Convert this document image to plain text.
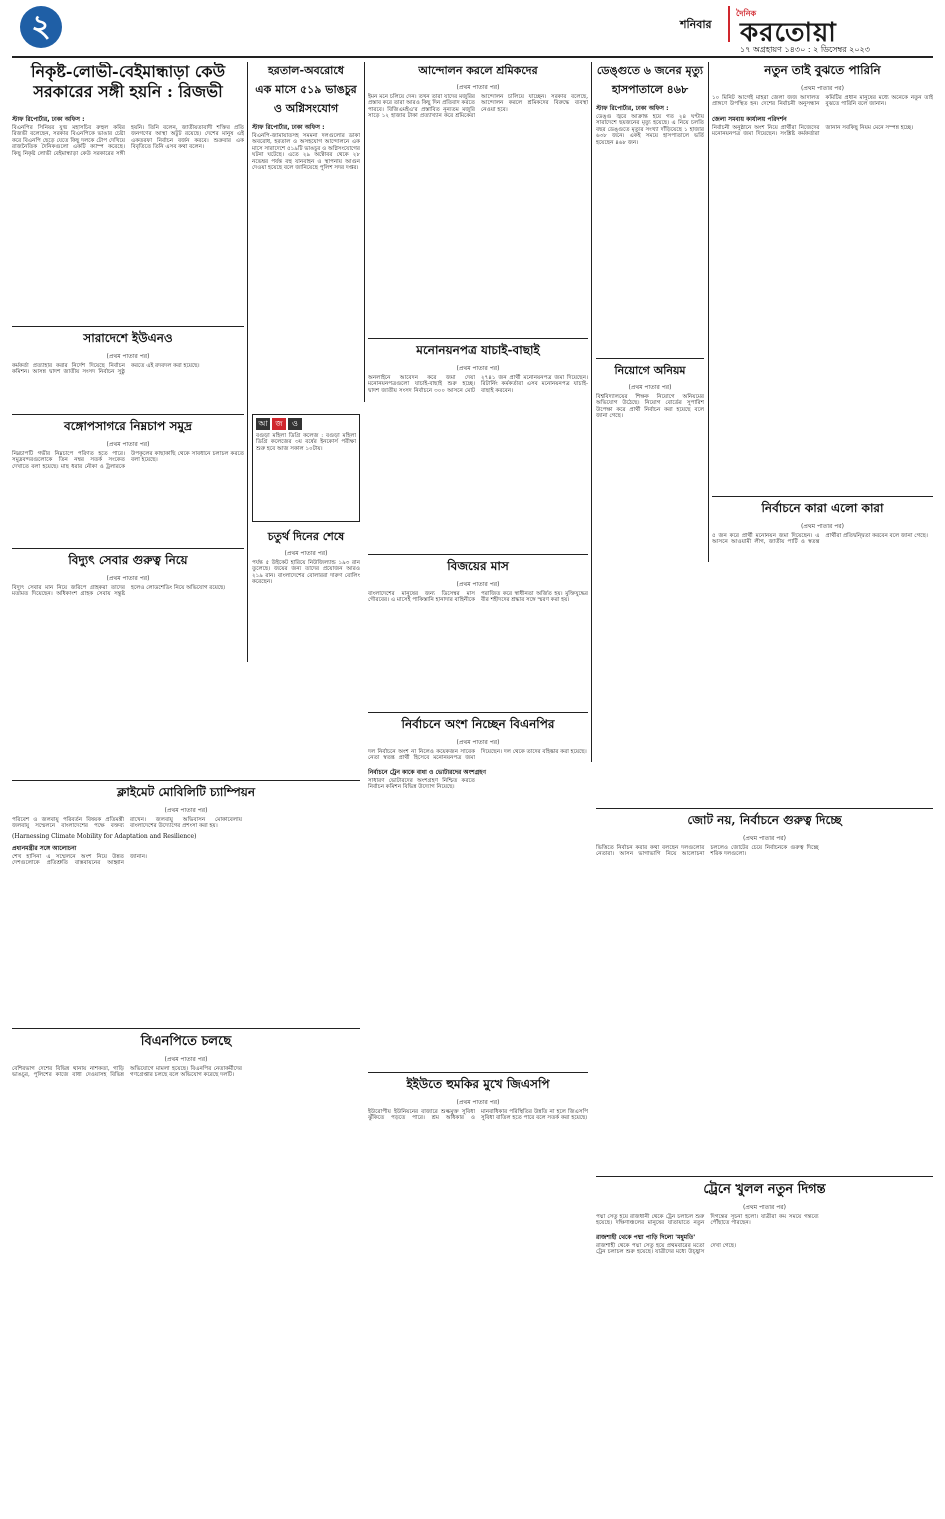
২	শনিবার
দৈনিক
করতোয়া
১৭ অগ্রহায়ণ ১৪৩০ : ২ ডিসেম্বর ২০২৩
নিকৃষ্ট-লোভী-বেইমান্ধাড়া কেউ
সরকারের সঙ্গী হয়নি : রিজভী
স্টাফ রিপোর্টার, ঢাকা অফিস :
বিএনপির সিনিয়র যুগ্ম মহাসচিব রুহুল কবির রিজভী বলেছেন, সরকার বিএনপিকে ভাঙার চেষ্টা করে বিএনপি ছেড়ে যেতে কিছু দলকে টোপ দেখিয়ে রাজনৈতিক দৈনিকগুলো একটি ক্যাম্প করেছে। কিছু নিকৃষ্ট লোভী বেইমান্ধাড়া কেউ সরকারের সঙ্গী হয়নি। তিনি বলেন, জাতীয়তাবাদী শক্তির প্রতি জনগণের আস্থা অটুট রয়েছে। দেশের মানুষ এই একতরফা নির্বাচন বর্জন করবে। শুক্রবার এক বিবৃতিতে তিনি এসব কথা বলেন।
হরতাল-অবরোধে
এক মাসে ৫১৯ ভাঙচুর
ও অগ্নিসংযোগ
স্টাফ রিপোর্টার, ঢাকা অফিস :
বিএনপি-জামায়াতসহ সমমনা দলগুলোর ডাকা অবরোধ, হরতাল ও অসহযোগ আন্দোলনে এক মাসে সারাদেশে ৫১৯টি ভাঙচুর ও অগ্নিসংযোগের ঘটনা ঘটেছে। এতে ২৯ অক্টোবর থেকে ২৮ নভেম্বর পর্যন্ত বহু যানবাহন ও স্থাপনায় আগুন দেওয়া হয়েছে বলে জানিয়েছে পুলিশ সদর দপ্তর।
আন্দোলন করলে শ্রমিকদের
(প্রথম পাতার পর)
ইমন মনে চলিয়ে দেন। তখন তারা যাদের মজুরির প্রস্তাব করে তারা আরও কিছু দিন প্রতিবাদ করতে পারবে। বিজিএমইএ'র প্রস্তাবিত নূন্যতম মজুরি সাড়ে ১২ হাজার টাকা প্রত্যাখ্যান করে শ্রমিকেরা আন্দোলন চালিয়ে যাচ্ছেন। সরকার বলেছে, আন্দোলন করলে শ্রমিকদের বিরুদ্ধে ব্যবস্থা নেওয়া হবে।
ডেঙ্গুতে ৬ জনের মৃত্যু
হাসপাতালে ৪৬৮
স্টাফ রিপোর্টার, ঢাকা অফিস :
ডেঙ্গু জ্বরে আক্রান্ত হয়ে গত ২৪ ঘণ্টায় সারাদেশে ছয়জনের মৃত্যু হয়েছে। এ নিয়ে চলতি বছর ডেঙ্গুতে মৃত্যুর সংখ্যা দাঁড়িয়েছে ১ হাজার ৬৩৮ জনে। একই সময়ে হাসপাতালে ভর্তি হয়েছেন ৪৬৮ জন।
নিয়োগে অনিয়ম
(প্রথম পাতার পর)
বিশ্ববিদ্যালয়ের শিক্ষক নিয়োগে অনিয়মের অভিযোগ উঠেছে। নিয়োগ বোর্ডের সুপারিশ উপেক্ষা করে প্রার্থী নির্বাচন করা হয়েছে বলে জানা গেছে।
নতুন তাই বুঝতে পারিনি
(প্রথম পাতার পর)
১০ মিনিট আগেই মাহরা জেলা জজ আদালত প্রাঙ্গণে উপস্থিত হন। দেশের নির্বাচনী অনুসন্ধান কমিটির প্রধান মানুষের মধ্যে অনেকে নতুন তাই বুঝতে পারিনি বলে জানান।
জেলা সমবায় কার্যালয় পরিদর্শন
নির্বাচনী অনুষ্ঠানে অংশ নিয়ে প্রার্থীরা নিজেদের মনোনয়নপত্র জমা দিয়েছেন। সংশ্লিষ্ট কর্মকর্তারা জানান সবকিছু নিয়ম মেনে সম্পন্ন হচ্ছে।
সারাদেশে ইউএনও
(প্রথম পাতার পর)
কর্মকর্তা প্রত্যাহার করার নির্দেশ দিয়েছে নির্বাচন কমিশন। আসন্ন দ্বাদশ জাতীয় সংসদ নির্বাচন সুষ্ঠু করতে এই রদবদল করা হয়েছে।
বঙ্গোপসাগরে নিম্নচাপ সমুদ্র
(প্রথম পাতার পর)
নিম্নচাপটি গভীর নিম্নচাপে পরিণত হতে পারে। সমুদ্রবন্দরগুলোকে তিন নম্বর সতর্ক সংকেত দেখাতে বলা হয়েছে। মাছ ধরার নৌকা ও ট্রলারকে উপকূলের কাছাকাছি থেকে সাবধানে চলাচল করতে বলা হয়েছে।
বিদ্যুৎ সেবার গুরুত্ব নিয়ে
(প্রথম পাতার পর)
বিদ্যুৎ সেবার মান নিয়ে জরিপে গ্রাহকরা তাদের মতামত দিয়েছেন। অধিকাংশ গ্রাহক সেবায় সন্তুষ্ট হলেও লোডশেডিং নিয়ে অভিযোগ রয়েছে।
আ জ	ও
বগুড়া মহিলা ডিগ্রি কলেজ : বগুড়া মহিলা ডিগ্রি কলেজের ৩য় বর্ষের ইনকোর্স পরীক্ষা শুরু হবে আজ সকাল ১০টায়।
চতুর্থ দিনের শেষে
(প্রথম পাতার পর)
পর্যন্ত ৫ উইকেট হারিয়ে নিউজিল্যান্ড ১৯৩ রান তুলেছে। জয়ের জন্য তাদের প্রয়োজন আরও ২১৯ রান। বাংলাদেশের বোলাররা দারুণ বোলিং করেছেন।
মনোনয়নপত্র যাচাই-বাছাই
(প্রথম পাতার পর)
অনলাইনে আবেদন করে জমা দেয়া মনোনয়নপত্রগুলো যাচাই-বাছাই শুরু হচ্ছে। দ্বাদশ জাতীয় সংসদ নির্বাচনে ৩০০ আসনে মোট ২৭৪১ জন প্রার্থী মনোনয়নপত্র জমা দিয়েছেন। রিটার্নিং কর্মকর্তারা এসব মনোনয়নপত্র যাচাই-বাছাই করবেন।
বিজয়ের মাস
(প্রথম পাতার পর)
বাংলাদেশের মানুষের জন্য ডিসেম্বর মাস গৌরবের। এ মাসেই পাকিস্তানি হানাদার বাহিনীকে পরাজিত করে স্বাধীনতা অর্জিত হয়। মুক্তিযুদ্ধের বীর শহীদদের শ্রদ্ধার সঙ্গে স্মরণ করা হয়।
নির্বাচনে অংশ নিচ্ছেন বিএনপির
(প্রথম পাতার পর)
দল নির্বাচনে অংশ না নিলেও কয়েকজন সাবেক নেতা স্বতন্ত্র প্রার্থী হিসেবে মনোনয়নপত্র জমা দিয়েছেন। দল থেকে তাদের বহিষ্কার করা হয়েছে।
নির্বাচনে ট্রেন কাকে বাধা ও ভোটারদের অংশগ্রহণ
সাধারণ ভোটারদের অংশগ্রহণ নিশ্চিত করতে নির্বাচন কমিশন বিভিন্ন উদ্যোগ নিয়েছে।
নির্বাচনে কারা এলো কারা
(প্রথম পাতার পর)
৫ জন করে প্রার্থী মনোনয়ন জমা দিয়েছেন। এ আসনে আওয়ামী লীগ, জাতীয় পার্টি ও স্বতন্ত্র প্রার্থীরা প্রতিদ্বন্দ্বিতা করবেন বলে জানা গেছে।
জোট নয়, নির্বাচনে গুরুত্ব দিচ্ছে
(প্রথম পাতার পর)
ভিত্তিতে নির্বাচন করার কথা বলছেন দলগুলোর নেতারা। আসন ভাগাভাগি নিয়ে আলোচনা চললেও জোটের চেয়ে নির্বাচনকে গুরুত্ব দিচ্ছে শরিক দলগুলো।
ক্লাইমেট মোবিলিটি চ্যাম্পিয়ন
(প্রথম পাতার পর)
পরিবেশ ও জলবায়ু পরিবর্তন বিষয়ক প্রতিমন্ত্রী জলবায়ু সম্মেলনে বাংলাদেশের পক্ষে বক্তব্য রাখেন। জলবায়ু অভিবাসন মোকাবেলায় বাংলাদেশের উদ্যোগের প্রশংসা করা হয়।
(Harnessing Climate Mobility for Adaptation and Resilience)
প্রধানমন্ত্রীর সঙ্গে আলোচনা
শেখ হাসিনা এ সম্মেলনে অংশ নিয়ে উন্নত দেশগুলোকে প্রতিশ্রুতি বাস্তবায়নের আহ্বান জানান।
ইইউতে হুমকির মুখে জিএসপি
(প্রথম পাতার পর)
ইউরোপীয় ইউনিয়নের বাজারে শুল্কমুক্ত সুবিধা ঝুঁকিতে পড়তে পারে। শ্রম অধিকার ও মানবাধিকার পরিস্থিতির উন্নতি না হলে জিএসপি সুবিধা বাতিল হতে পারে বলে সতর্ক করা হয়েছে।
বিএনপিতে চলছে
(প্রথম পাতার পর)
বেশিরভাগ দেশের বিভিন্ন থানায় নাশকতা, গাড়ি ভাঙচুর, পুলিশের কাজে বাধা দেওয়াসহ বিভিন্ন অভিযোগে মামলা হয়েছে। বিএনপির নেতাকর্মীদের গণগ্রেপ্তার চলছে বলে অভিযোগ করেছে দলটি।
ট্রেনে খুলল নতুন দিগন্ত
(প্রথম পাতার পর)
পদ্মা সেতু হয়ে রাজধানী থেকে ট্রেন চলাচল শুরু হয়েছে। দক্ষিণাঞ্চলের মানুষের যাতায়াতে নতুন দিগন্তের সূচনা হলো। যাত্রীরা কম সময়ে গন্তব্যে পৌঁছাতে পারছেন।
রাজশাহী থেকে পদ্মা পাড়ি দিলো 'মধুমতি'
রাজশাহী থেকে পদ্মা সেতু হয়ে প্রথমবারের মতো ট্রেন চলাচল শুরু হয়েছে। যাত্রীদের মধ্যে উচ্ছ্বাস দেখা গেছে।
